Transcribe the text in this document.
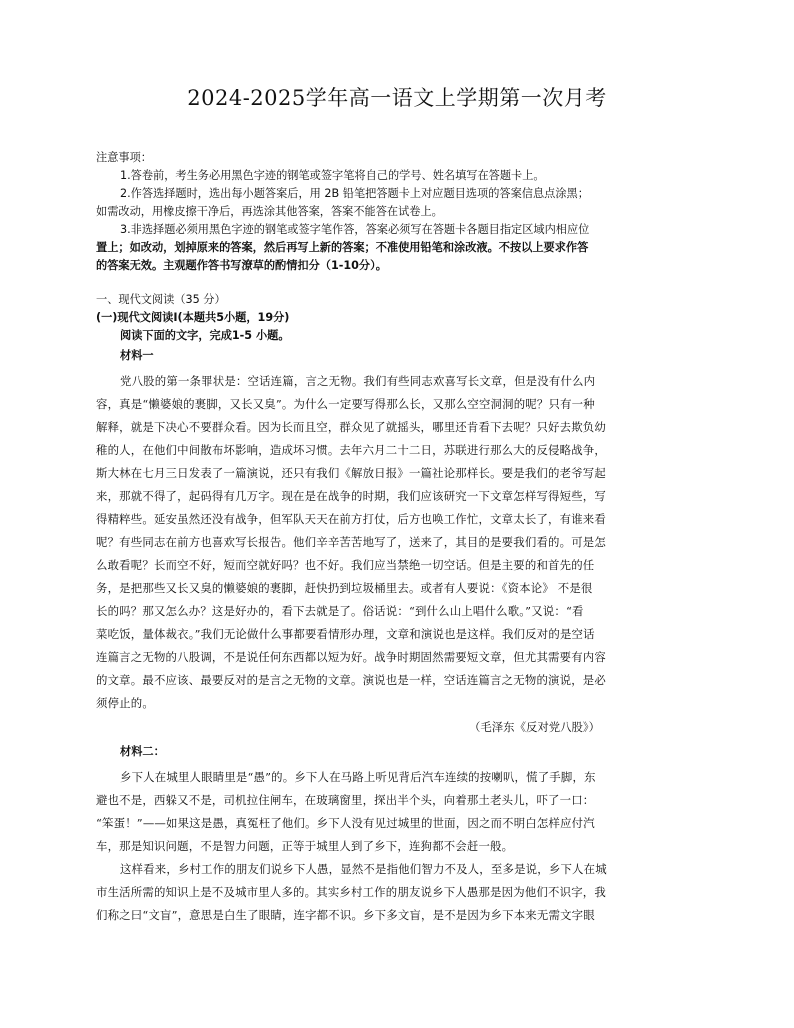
2024-2025学年高一语文上学期第一次月考
注意事项：
1.答卷前，考生务必用黑色字迹的钢笔或签字笔将自己的学号、姓名填写在答题卡上。
2.作答选择题时，选出每小题答案后，用 2B 铅笔把答题卡上对应题目选项的答案信息点涂黑；
如需改动，用橡皮擦干净后，再选涂其他答案，答案不能答在试卷上。
3.非选择题必须用黑色字迹的钢笔或签字笔作答，答案必须写在答题卡各题目指定区域内相应位
置上；如改动，划掉原来的答案，然后再写上新的答案；不准使用铅笔和涂改液。不按以上要求作答
的答案无效。主观题作答书写潦草的酌情扣分（1-10分）。
一、现代文阅读（35 分）
(一)现代文阅读Ⅰ(本题共5小题，19分)
阅读下面的文字，完成1-5 小题。
材料一
党八股的第一条罪状是：空话连篇，言之无物。我们有些同志欢喜写长文章，但是没有什么内
容，真是“懒婆娘的裹脚，又长又臭”。为什么一定要写得那么长，又那么空空洞洞的呢？只有一种
解释，就是下决心不要群众看。因为长而且空，群众见了就摇头，哪里还肯看下去呢？只好去欺负幼
稚的人，在他们中间散布坏影响，造成坏习惯。去年六月二十二日，苏联进行那么大的反侵略战争，
斯大林在七月三日发表了一篇演说，还只有我们《解放日报》一篇社论那样长。要是我们的老爷写起
来，那就不得了，起码得有几万字。现在是在战争的时期，我们应该研究一下文章怎样写得短些，写
得精粹些。延安虽然还没有战争，但军队天天在前方打仗，后方也唤工作忙，文章太长了，有谁来看
呢？有些同志在前方也喜欢写长报告。他们辛辛苦苦地写了，送来了，其目的是要我们看的。可是怎
么敢看呢？长而空不好，短而空就好吗？也不好。我们应当禁绝一切空话。但是主要的和首先的任
务，是把那些又长又臭的懒婆娘的裹脚，赶快扔到垃圾桶里去。或者有人要说：《资本论》 不是很
长的吗？那又怎么办？这是好办的，看下去就是了。俗话说：“到什么山上唱什么歌。”又说：“看
菜吃饭，量体裁衣。”我们无论做什么事都要看情形办理，文章和演说也是这样。我们反对的是空话
连篇言之无物的八股调，不是说任何东西都以短为好。战争时期固然需要短文章，但尤其需要有内容
的文章。最不应该、最要反对的是言之无物的文章。演说也是一样，空话连篇言之无物的演说，是必
须停止的。
（毛泽东《反对党八股》）
材料二：
乡下人在城里人眼睛里是“愚”的。乡下人在马路上听见背后汽车连续的按喇叭，慌了手脚，东
避也不是，西躲又不是，司机拉住闸车，在玻璃窗里，探出半个头，向着那土老头儿，吓了一口：
“笨蛋！”——如果这是愚，真冤枉了他们。乡下人没有见过城里的世面，因之而不明白怎样应付汽
车，那是知识问题，不是智力问题，正等于城里人到了乡下，连狗都不会赶一般。
这样看来，乡村工作的朋友们说乡下人愚，显然不是指他们智力不及人，至多是说，乡下人在城
市生活所需的知识上是不及城市里人多的。其实乡村工作的朋友说乡下人愚那是因为他们不识字，我
们称之曰“文盲”，意思是白生了眼睛，连字都不识。乡下多文盲，是不是因为乡下本来无需文字眼
